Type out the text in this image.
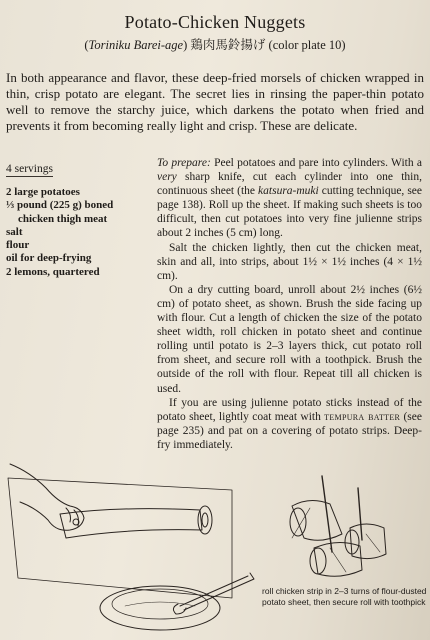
Potato-Chicken Nuggets
(Toriniku Barei-age) 鶏肉馬鈴揚げ (color plate 10)
In both appearance and flavor, these deep-fried morsels of chicken wrapped in thin, crisp potato are elegant. The secret lies in rinsing the paper-thin potato well to remove the starchy juice, which darkens the potato when fried and prevents it from becoming really light and crisp. These are delicate.
4 servings
2 large potatoes
⅓ pound (225 g) boned
chicken thigh meat
salt
flour
oil for deep-frying
2 lemons, quartered

To prepare: Peel potatoes and pare into cylinders. With a very sharp knife, cut each cylinder into one thin, continuous sheet (the katsura-muki cutting technique, see page 138). Roll up the sheet. If making such sheets is too difficult, then cut potatoes into very fine julienne strips about 2 inches (5 cm) long.

Salt the chicken lightly, then cut the chicken meat, skin and all, into strips, about 1½ × 1½ inches (4 × 1½ cm).

On a dry cutting board, unroll about 2½ inches (6½ cm) of potato sheet, as shown. Brush the side facing up with flour. Cut a length of chicken the size of the potato sheet width, roll chicken in potato sheet and continue rolling until potato is 2–3 layers thick, cut potato roll from sheet, and secure roll with a toothpick. Brush the outside of the roll with flour. Repeat till all chicken is used.

If you are using julienne potato sticks instead of the potato sheet, lightly coat meat with tempura batter (see page 235) and pat on a covering of potato strips. Deep-fry immediately.

roll chicken strip in 2–3 turns of flour-dusted potato sheet, then secure roll with toothpick
